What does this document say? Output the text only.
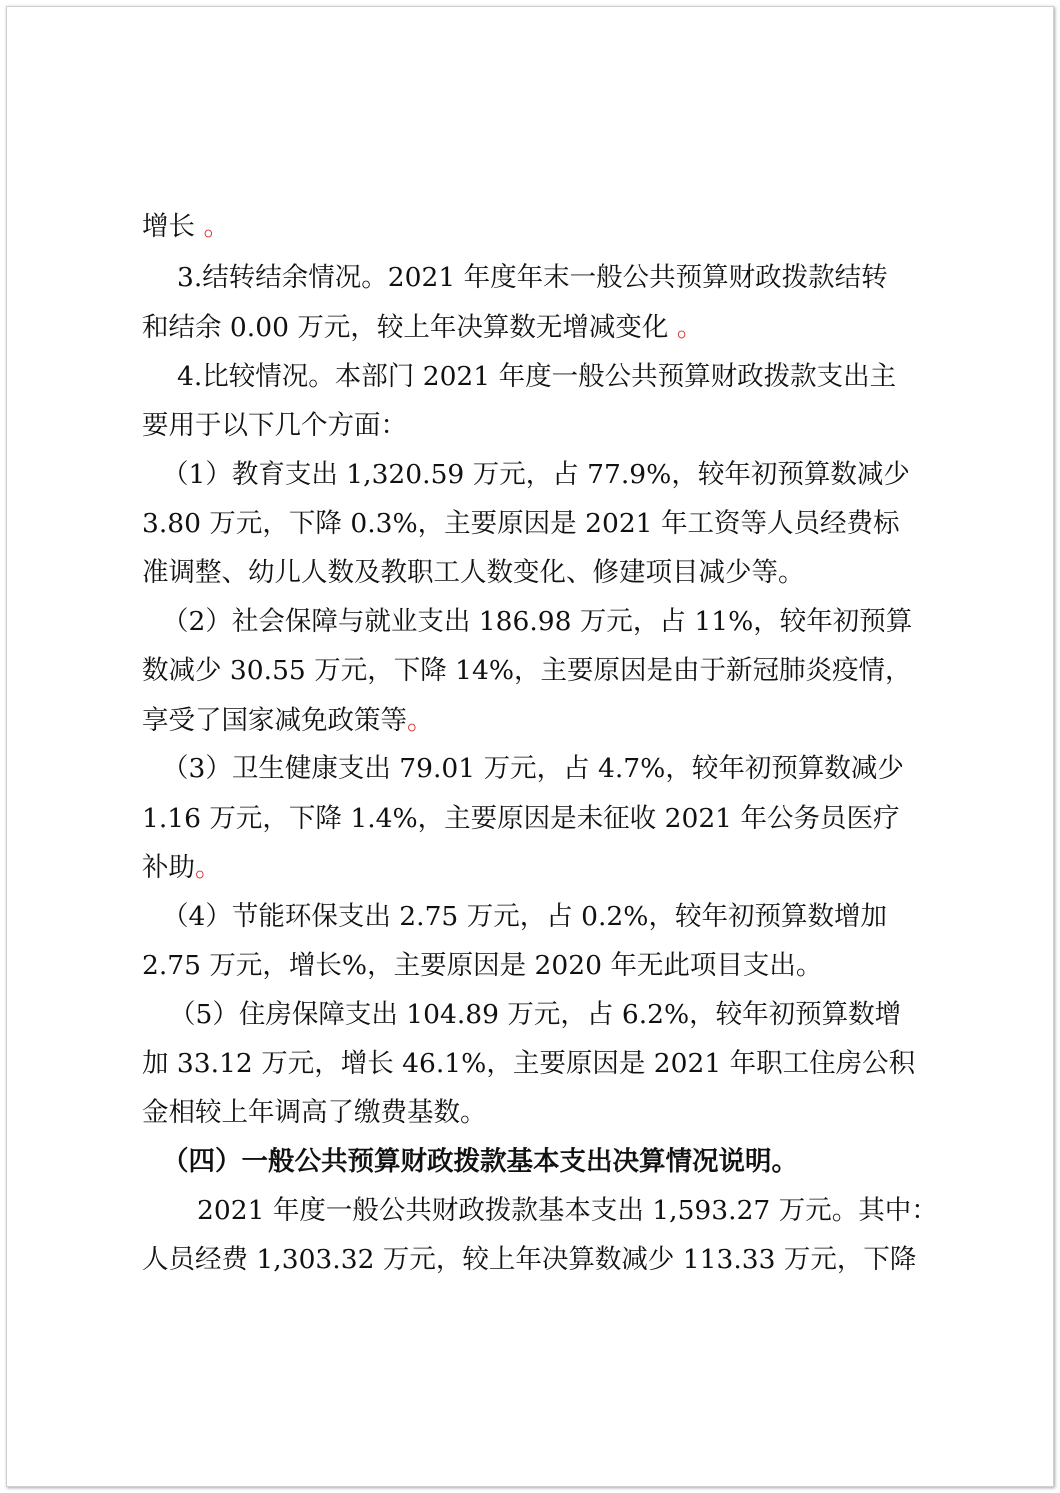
增长 。
3.结转结余情况。2021 年度年末一般公共预算财政拨款结转
和结余 0.00 万元，较上年决算数无增减变化 。
4.比较情况。本部门 2021 年度一般公共预算财政拨款支出主
要用于以下几个方面：
（1）教育支出 1,320.59 万元，占 77.9%，较年初预算数减少
3.80 万元，下降 0.3%，主要原因是 2021 年工资等人员经费标
准调整、幼儿人数及教职工人数变化、修建项目减少等。
（2）社会保障与就业支出 186.98 万元，占 11%，较年初预算
数减少 30.55 万元，下降 14%，主要原因是由于新冠肺炎疫情，
享受了国家减免政策等。
（3）卫生健康支出 79.01 万元，占 4.7%，较年初预算数减少
1.16 万元，下降 1.4%，主要原因是未征收 2021 年公务员医疗
补助。
（4）节能环保支出 2.75 万元，占 0.2%，较年初预算数增加
2.75 万元，增长%，主要原因是 2020 年无此项目支出。
（5）住房保障支出 104.89 万元，占 6.2%，较年初预算数增
加 33.12 万元，增长 46.1%，主要原因是 2021 年职工住房公积
金相较上年调高了缴费基数。
（四）一般公共预算财政拨款基本支出决算情况说明。
2021 年度一般公共财政拨款基本支出 1,593.27 万元。其中：
人员经费 1,303.32 万元，较上年决算数减少 113.33 万元，下降
